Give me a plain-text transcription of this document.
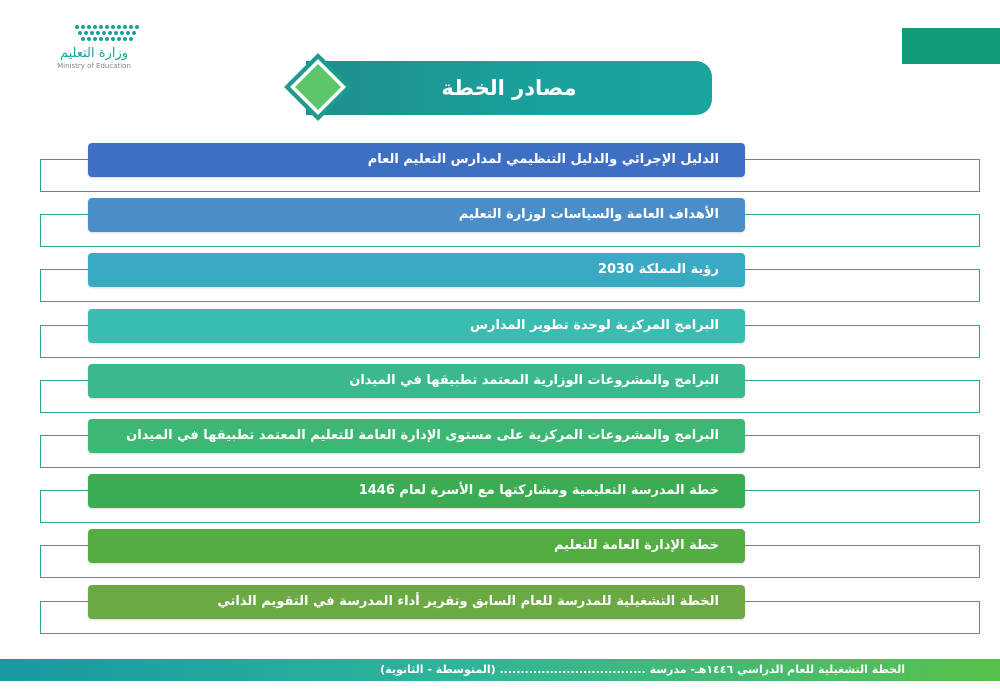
وزارة التعليم
Ministry of Education
مصادر الخطة
الدليل الإجرائي والدليل التنظيمي لمدارس التعليم العام
الأهداف العامة والسياسات لوزارة التعليم
رؤية المملكة 2030
البرامج المركزية لوحدة تطوير المدارس
البرامج والمشروعات الوزارية المعتمد تطبيقها في الميدان
البرامج والمشروعات المركزية على مستوى الإدارة العامة للتعليم المعتمد تطبيقها في الميدان
خطة المدرسة التعليمية ومشاركتها مع الأسرة لعام 1446
خطة الإدارة العامة للتعليم
الخطة التشغيلية للمدرسة للعام السابق وتقرير أداء المدرسة في التقويم الذاتي
الخطة التشغيلية للعام الدراسي ١٤٤٦هـ- مدرسة ................................... (المتوسطة - الثانوية)
